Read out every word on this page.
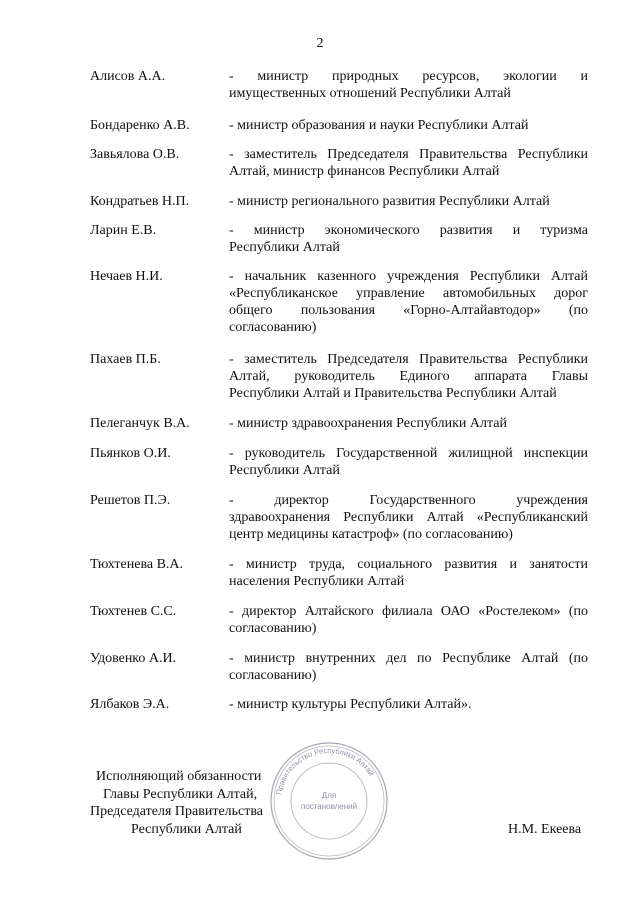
2
Алисов А.А.	- министр природных ресурсов, экологии и
имущественных отношений Республики Алтай
Бондаренко А.В.	- министр образования и науки Республики Алтай
Завьялова О.В.	- заместитель Председателя Правительства Республики
Алтай, министр финансов Республики Алтай
Кондратьев Н.П.	- министр регионального развития Республики Алтай
Ларин Е.В.	- министр экономического развития и туризма
Республики Алтай
Нечаев Н.И.	- начальник казенного учреждения Республики Алтай
«Республиканское управление автомобильных дорог
общего пользования «Горно-Алтайавтодор» (по
согласованию)
Пахаев П.Б.	- заместитель Председателя Правительства Республики
Алтай, руководитель Единого аппарата Главы
Республики Алтай и Правительства Республики Алтай
Пелеганчук В.А.	- министр здравоохранения Республики Алтай
Пьянков О.И.	- руководитель Государственной жилищной инспекции
Республики Алтай
Решетов П.Э.	- директор Государственного учреждения
здравоохранения Республики Алтай «Республиканский
центр медицины катастроф» (по согласованию)
Тюхтенева В.А.	- министр труда, социального развития и занятости
населения Республики Алтай
Тюхтенев С.С.	- директор Алтайского филиала ОАО «Ростелеком» (по
согласованию)
Удовенко А.И.	- министр внутренних дел по Республике Алтай (по
согласованию)
Ялбаков Э.А.	- министр культуры Республики Алтай».
Исполняющий обязанности
Главы Республики Алтай,
Председателя Правительства
Республики Алтай	Н.М. Екеева
Правительство Республики Алтай
Для
постановлений
